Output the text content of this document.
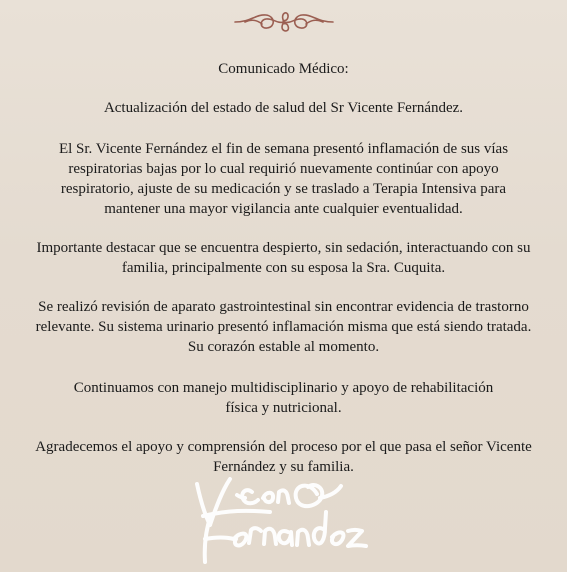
Comunicado Médico:
Actualización del estado de salud del Sr Vicente Fernández.
El Sr. Vicente Fernández el fin de semana presentó inflamación de sus vías
respiratorias bajas por lo cual requirió nuevamente continúar con apoyo
respiratorio, ajuste de su medicación y se traslado a Terapia Intensiva para
mantener una mayor vigilancia ante cualquier eventualidad.
Importante destacar que se encuentra despierto, sin sedación, interactuando con su
familia, principalmente con su esposa la Sra. Cuquita.
Se realizó revisión de aparato gastrointestinal sin encontrar evidencia de trastorno
relevante. Su sistema urinario presentó inflamación misma que está siendo tratada.
Su corazón estable al momento.
Continuamos con manejo multidisciplinario y apoyo de rehabilitación
física y nutricional.
Agradecemos el apoyo y comprensión del proceso por el que pasa el señor Vicente
Fernández y su familia.
